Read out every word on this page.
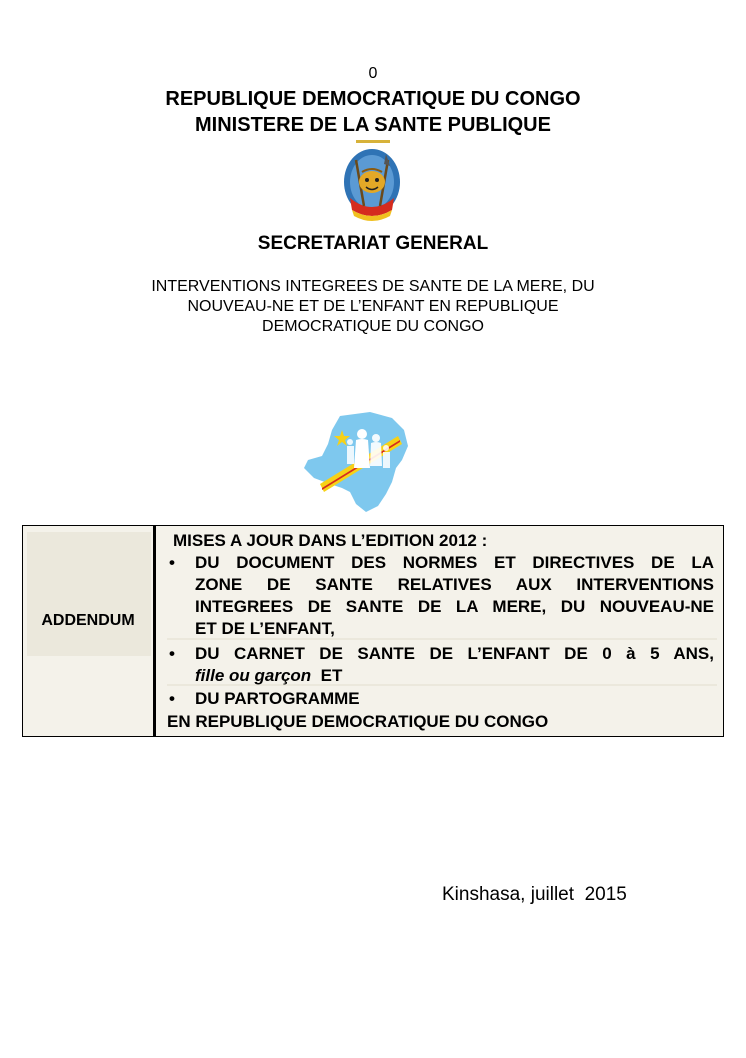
0
REPUBLIQUE DEMOCRATIQUE DU CONGO
MINISTERE DE LA SANTE PUBLIQUE
SECRETARIAT GENERAL
INTERVENTIONS INTEGREES DE SANTE DE LA MERE, DU
NOUVEAU-NE ET DE L’ENFANT EN REPUBLIQUE
DEMOCRATIQUE DU CONGO
ADDENDUM
MISES A JOUR DANS L’EDITION 2012 :
• DU DOCUMENT DES NORMES ET DIRECTIVES DE LA
ZONE DE SANTE RELATIVES AUX INTERVENTIONS
INTEGREES DE SANTE DE LA MERE, DU NOUVEAU-NE
ET DE L’ENFANT,
• DU CARNET DE SANTE DE L’ENFANT DE 0 à 5 ANS,
fille ou garçon ET
• DU PARTOGRAMME
EN REPUBLIQUE DEMOCRATIQUE DU CONGO
Kinshasa, juillet  2015
